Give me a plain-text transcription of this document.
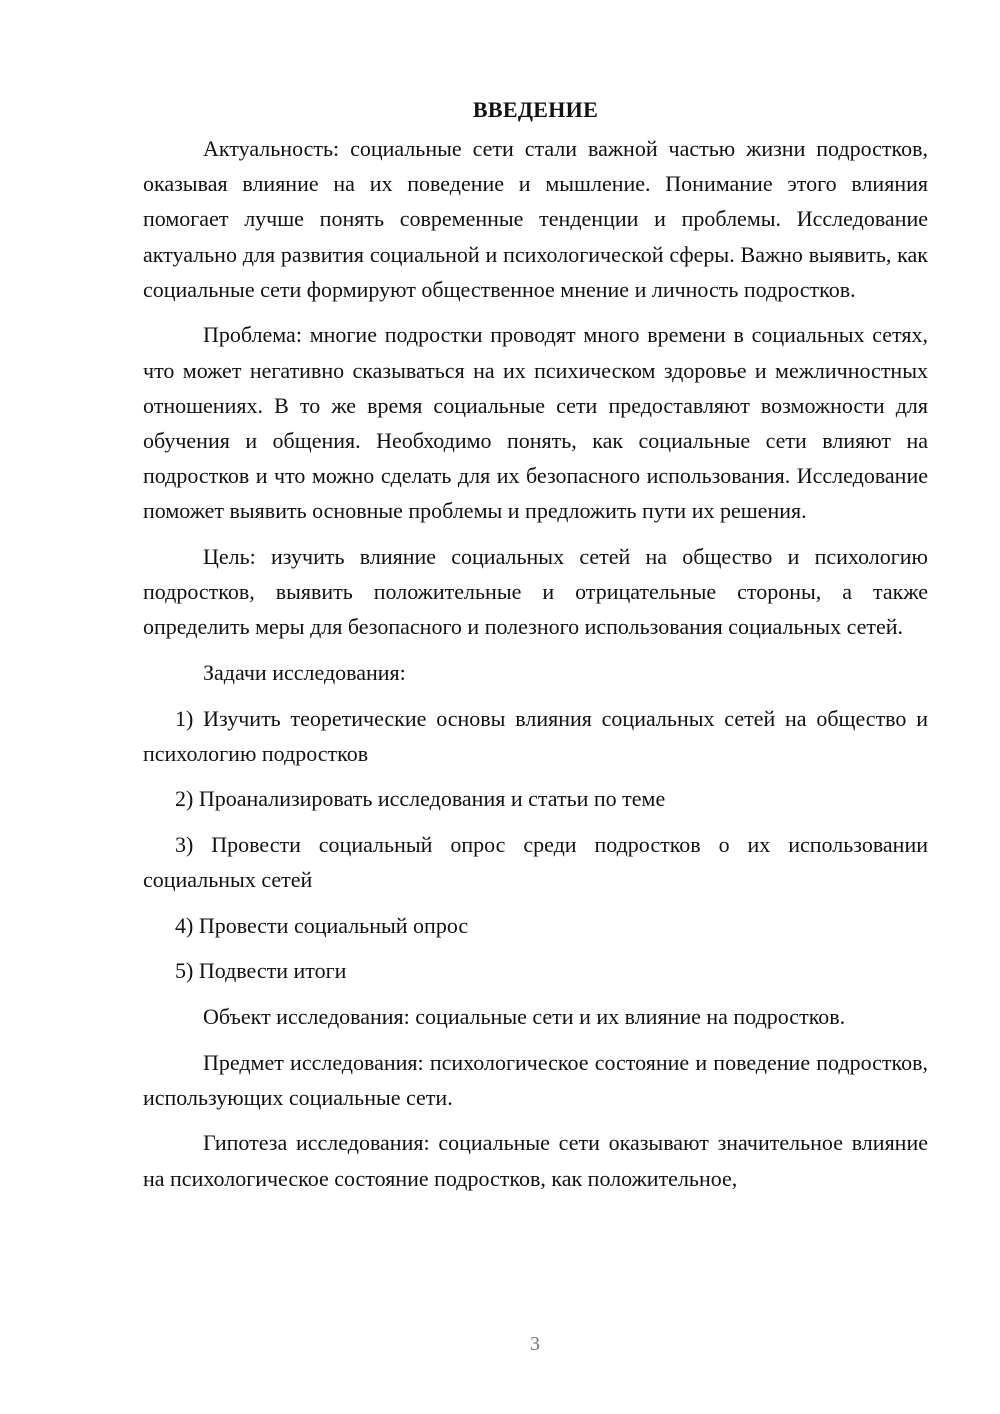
ВВЕДЕНИЕ

Актуальность: социальные сети стали важной частью жизни подростков, оказывая влияние на их поведение и мышление. Понимание этого влияния помогает лучше понять современные тенденции и проблемы. Исследование актуально для развития социальной и психологической сферы. Важно выявить, как социальные сети формируют общественное мнение и личность подростков.

Проблема: многие подростки проводят много времени в социальных сетях, что может негативно сказываться на их психическом здоровье и межличностных отношениях. В то же время социальные сети предоставляют возможности для обучения и общения. Необходимо понять, как социальные сети влияют на подростков и что можно сделать для их безопасного использования. Исследование поможет выявить основные проблемы и предложить пути их решения.

Цель: изучить влияние социальных сетей на общество и психологию подростков, выявить положительные и отрицательные стороны, а также определить меры для безопасного и полезного использования социальных сетей.

Задачи исследования:

1) Изучить теоретические основы влияния социальных сетей на общество и психологию подростков

2) Проанализировать исследования и статьи по теме

3) Провести социальный опрос среди подростков о их использовании социальных сетей

4) Провести социальный опрос

5) Подвести итоги

Объект исследования: социальные сети и их влияние на подростков.

Предмет исследования: психологическое состояние и поведение подростков, использующих социальные сети.

Гипотеза исследования: социальные сети оказывают значительное влияние на психологическое состояние подростков, как положительное,

3
